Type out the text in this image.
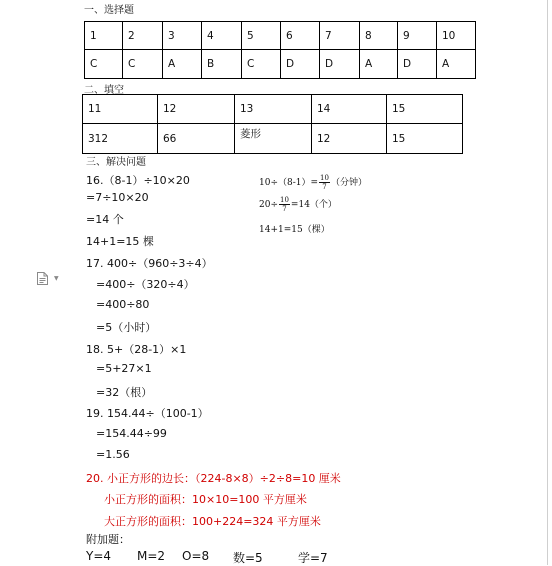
▼
一、选择题
1	2	3	4	5	6	7	8	9	10
C	C	A	B	C	D	D	A	D	A
二、填空
11	12	13	14	15
312	66	菱形	12	15
三、解决问题
16.（8-1）÷10×20
=7÷10×20
=14 个
14+1=15 棵
$10\div(8-1)= \frac{10}{7}$ （分钟）
$20\div \frac{10}{7} =14$（个）
14+1=15（棵）
17. 400÷（960÷3÷4）
=400÷（320÷4）
=400÷80
=5（小时）
18. 5+（28-1）×1
=5+27×1
=32（根）
19. 154.44÷（100-1）
=154.44÷99
=1.56
20. 小正方形的边长：（224-8×8）÷2÷8=10 厘米
小正方形的面积：10×10=100 平方厘米
大正方形的面积：100+224=324 平方厘米
附加题：
Y=4 M=2 O=8 数=5	学=7
